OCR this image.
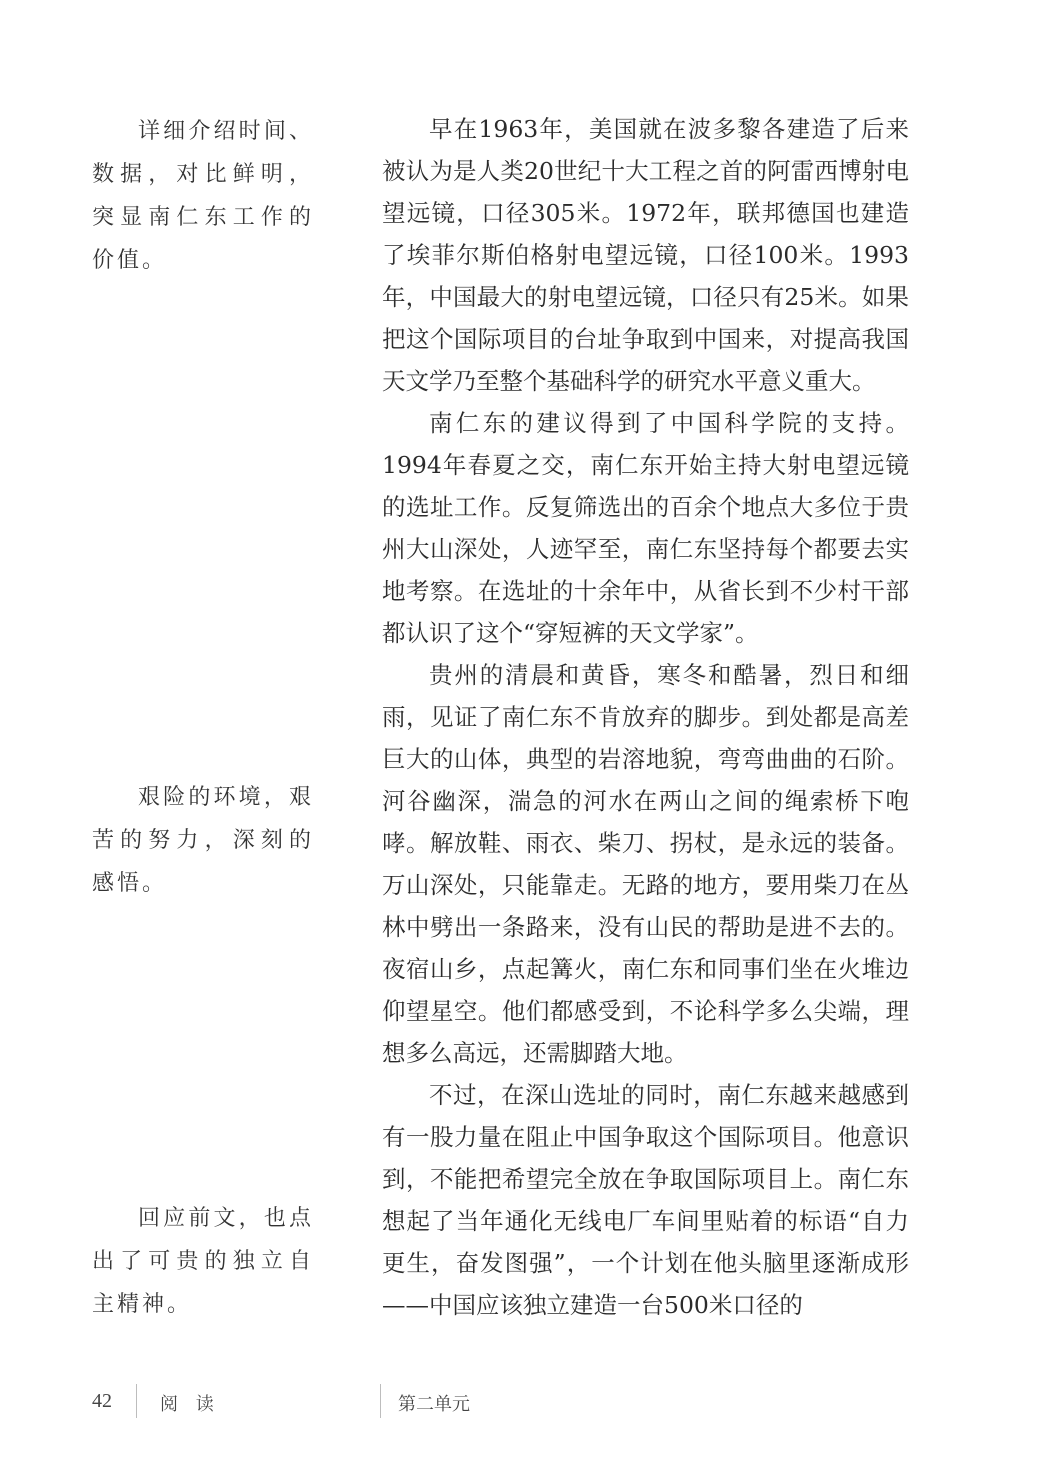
详细介绍时间、数据，对比鲜明，突显南仁东工作的价值。

艰险的环境，艰苦的努力，深刻的感悟。

回应前文，也点出了可贵的独立自主精神。

早在1963年，美国就在波多黎各建造了后来被认为是人类20世纪十大工程之首的阿雷西博射电望远镜，口径305米。1972年，联邦德国也建造了埃菲尔斯伯格射电望远镜，口径100米。1993年，中国最大的射电望远镜，口径只有25米。如果把这个国际项目的台址争取到中国来，对提高我国天文学乃至整个基础科学的研究水平意义重大。

南仁东的建议得到了中国科学院的支持。1994年春夏之交，南仁东开始主持大射电望远镜的选址工作。反复筛选出的百余个地点大多位于贵州大山深处，人迹罕至，南仁东坚持每个都要去实地考察。在选址的十余年中，从省长到不少村干部都认识了这个“穿短裤的天文学家”。

贵州的清晨和黄昏，寒冬和酷暑，烈日和细雨，见证了南仁东不肯放弃的脚步。到处都是高差巨大的山体，典型的岩溶地貌，弯弯曲曲的石阶。河谷幽深，湍急的河水在两山之间的绳索桥下咆哮。解放鞋、雨衣、柴刀、拐杖，是永远的装备。万山深处，只能靠走。无路的地方，要用柴刀在丛林中劈出一条路来，没有山民的帮助是进不去的。夜宿山乡，点起篝火，南仁东和同事们坐在火堆边仰望星空。他们都感受到，不论科学多么尖端，理想多么高远，还需脚踏大地。

不过，在深山选址的同时，南仁东越来越感到有一股力量在阻止中国争取这个国际项目。他意识到，不能把希望完全放在争取国际项目上。南仁东想起了当年通化无线电厂车间里贴着的标语“自力更生，奋发图强”，一个计划在他头脑里逐渐成形——中国应该独立建造一台500米口径的

42	阅 读	第二单元
